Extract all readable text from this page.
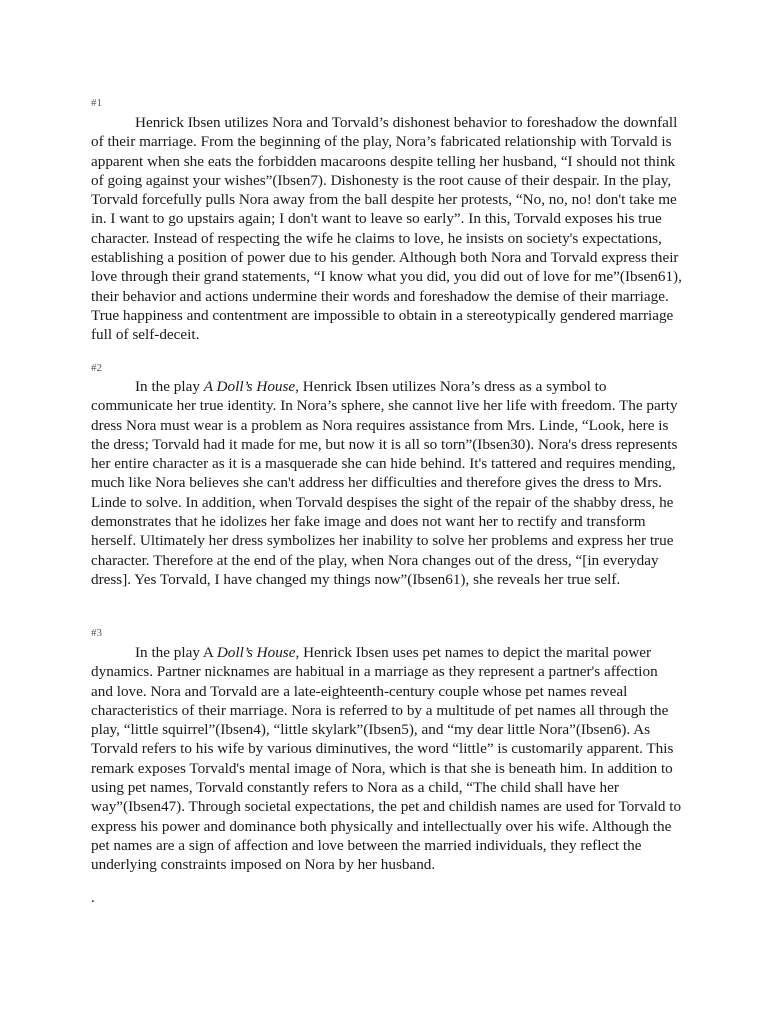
#1

Henrick Ibsen utilizes Nora and Torvald’s dishonest behavior to foreshadow the downfall of their marriage. From the beginning of the play, Nora’s fabricated relationship with Torvald is apparent when she eats the forbidden macaroons despite telling her husband, “I should not think of going against your wishes”(Ibsen7). Dishonesty is the root cause of their despair. In the play, Torvald forcefully pulls Nora away from the ball despite her protests, “No, no, no! don't take me in. I want to go upstairs again; I don't want to leave so early”. In this, Torvald exposes his true character. Instead of respecting the wife he claims to love, he insists on society's expectations, establishing a position of power due to his gender. Although both Nora and Torvald express their love through their grand statements, “I know what you did, you did out of love for me”(Ibsen61), their behavior and actions undermine their words and foreshadow the demise of their marriage. True happiness and contentment are impossible to obtain in a stereotypically gendered marriage full of self-deceit.

#2

In the play A Doll’s House, Henrick Ibsen utilizes Nora’s dress as a symbol to communicate her true identity. In Nora’s sphere, she cannot live her life with freedom. The party dress Nora must wear is a problem as Nora requires assistance from Mrs. Linde, “Look, here is the dress; Torvald had it made for me, but now it is all so torn”(Ibsen30). Nora's dress represents her entire character as it is a masquerade she can hide behind. It's tattered and requires mending, much like Nora believes she can't address her difficulties and therefore gives the dress to Mrs. Linde to solve. In addition, when Torvald despises the sight of the repair of the shabby dress, he demonstrates that he idolizes her fake image and does not want her to rectify and transform herself. Ultimately her dress symbolizes her inability to solve her problems and express her true character. Therefore at the end of the play, when Nora changes out of the dress, “[in everyday dress]. Yes Torvald, I have changed my things now”(Ibsen61), she reveals her true self.

#3

In the play A Doll’s House, Henrick Ibsen uses pet names to depict the marital power dynamics. Partner nicknames are habitual in a marriage as they represent a partner's affection and love. Nora and Torvald are a late-eighteenth-century couple whose pet names reveal characteristics of their marriage. Nora is referred to by a multitude of pet names all through the play, “little squirrel”(Ibsen4), “little skylark”(Ibsen5), and “my dear little Nora”(Ibsen6). As Torvald refers to his wife by various diminutives, the word “little” is customarily apparent. This remark exposes Torvald's mental image of Nora, which is that she is beneath him. In addition to using pet names, Torvald constantly refers to Nora as a child, “The child shall have her way”(Ibsen47). Through societal expectations, the pet and childish names are used for Torvald to express his power and dominance both physically and intellectually over his wife. Although the pet names are a sign of affection and love between the married individuals, they reflect the underlying constraints imposed on Nora by her husband.

.
